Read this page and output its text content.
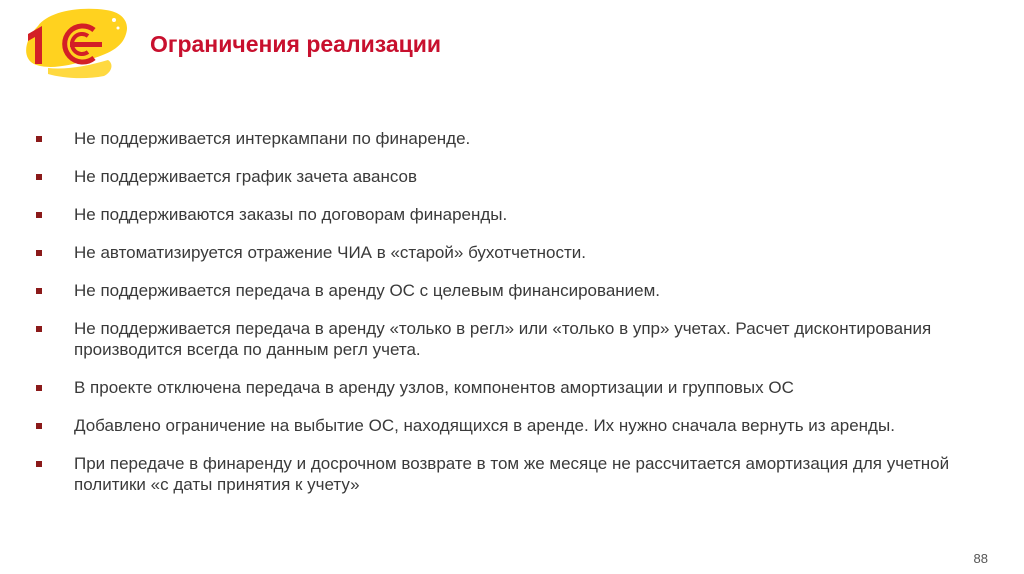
Ограничения реализации
Не поддерживается интеркампани по финаренде.
Не поддерживается график зачета авансов
Не поддерживаются заказы по договорам финаренды.
Не автоматизируется отражение ЧИА в «старой» бухотчетности.
Не поддерживается передача в аренду ОС с целевым финансированием.
Не поддерживается передача в аренду «только в регл» или «только в упр» учетах. Расчет дисконтирования производится всегда по данным регл учета.
В проекте отключена передача в аренду узлов, компонентов амортизации и групповых ОС
Добавлено ограничение на выбытие ОС, находящихся в аренде. Их нужно сначала вернуть из аренды.
При передаче в финаренду и досрочном возврате в том же месяце не рассчитается амортизация для учетной политики «с даты принятия к учету»
88
